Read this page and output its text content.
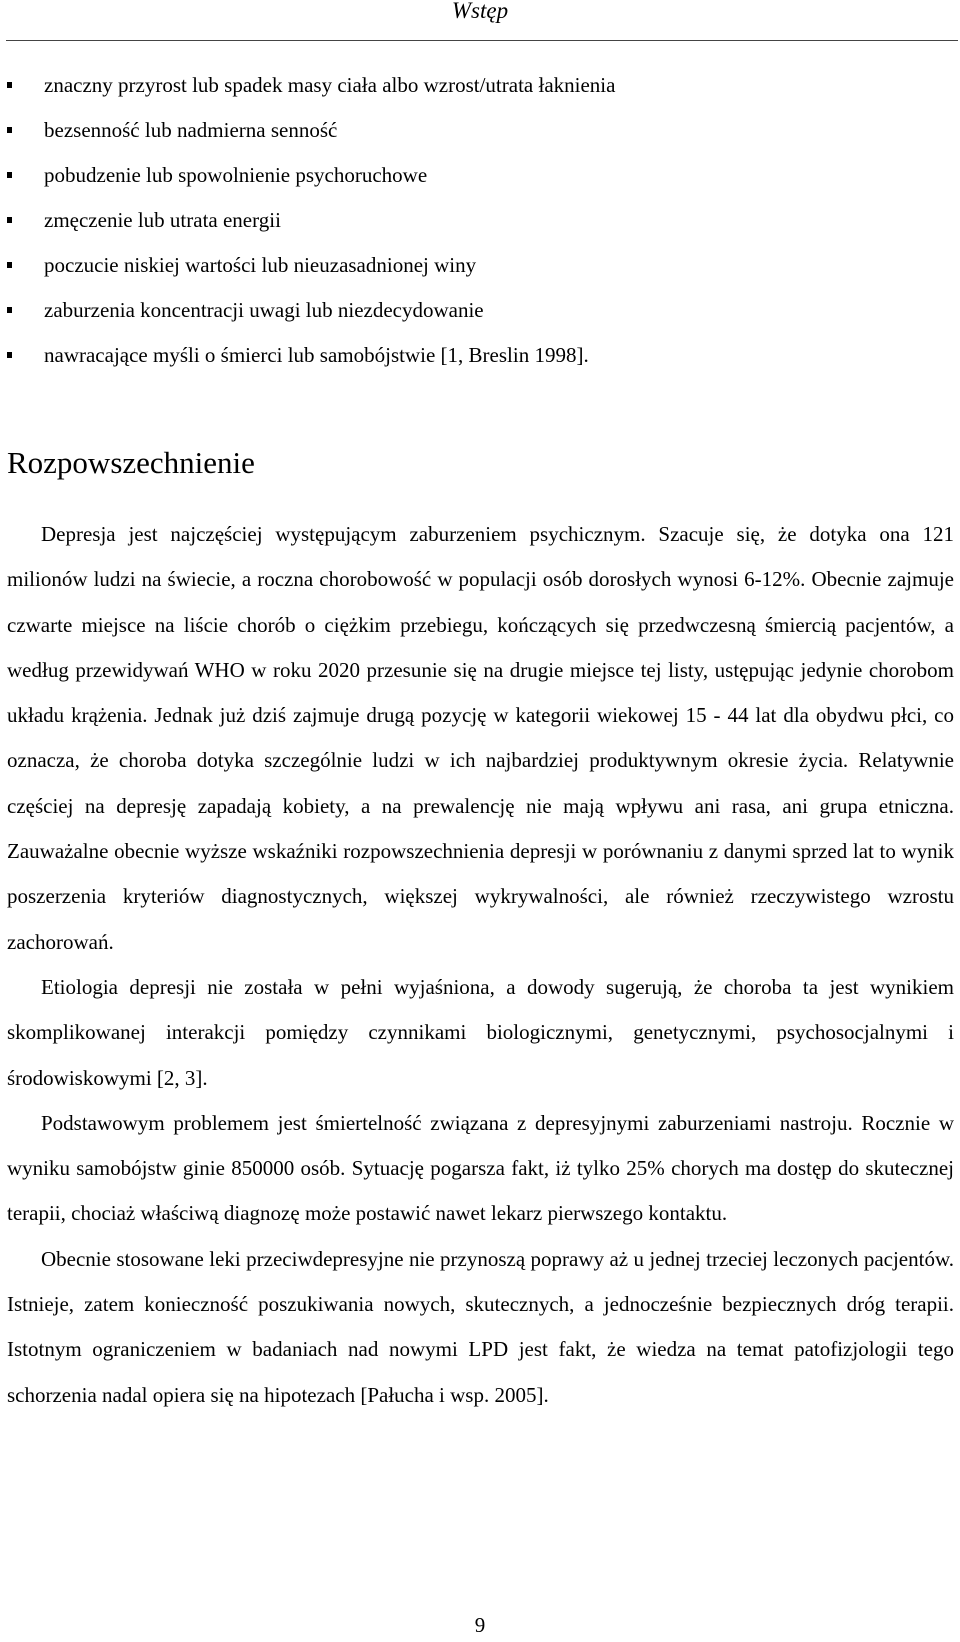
Wstęp
znaczny przyrost lub spadek masy ciała albo wzrost/utrata łaknienia
bezsenność lub nadmierna senność
pobudzenie lub spowolnienie psychoruchowe
zmęczenie lub utrata energii
poczucie niskiej wartości lub nieuzasadnionej winy
zaburzenia koncentracji uwagi lub niezdecydowanie
nawracające myśli o śmierci lub samobójstwie [1, Breslin 1998].
Rozpowszechnienie

Depresja jest najczęściej występującym zaburzeniem psychicznym. Szacuje się, że dotyka ona 121 milionów ludzi na świecie, a roczna chorobowość w populacji osób dorosłych wynosi 6-12%. Obecnie zajmuje czwarte miejsce na liście chorób o ciężkim przebiegu, kończących się przedwczesną śmiercią pacjentów, a według przewidywań WHO w roku 2020 przesunie się na drugie miejsce tej listy, ustępując jedynie chorobom układu krążenia. Jednak już dziś zajmuje drugą pozycję w kategorii wiekowej 15 - 44 lat dla obydwu płci, co oznacza, że choroba dotyka szczególnie ludzi w ich najbardziej produktywnym okresie życia. Relatywnie częściej na depresję zapadają kobiety, a na prewalencję nie mają wpływu ani rasa, ani grupa etniczna. Zauważalne obecnie wyższe wskaźniki rozpowszechnienia depresji w porównaniu z danymi sprzed lat to wynik poszerzenia kryteriów diagnostycznych, większej wykrywalności, ale również rzeczywistego wzrostu zachorowań.

Etiologia depresji nie została w pełni wyjaśniona, a dowody sugerują, że choroba ta jest wynikiem skomplikowanej interakcji pomiędzy czynnikami biologicznymi, genetycznymi, psychosocjalnymi i środowiskowymi [2, 3].

Podstawowym problemem jest śmiertelność związana z depresyjnymi zaburzeniami nastroju. Rocznie w wyniku samobójstw ginie 850000 osób. Sytuację pogarsza fakt, iż tylko 25% chorych ma dostęp do skutecznej terapii, chociaż właściwą diagnozę może postawić nawet lekarz pierwszego kontaktu.

Obecnie stosowane leki przeciwdepresyjne nie przynoszą poprawy aż u jednej trzeciej leczonych pacjentów. Istnieje, zatem konieczność poszukiwania nowych, skutecznych, a jednocześnie bezpiecznych dróg terapii. Istotnym ograniczeniem w badaniach nad nowymi LPD jest fakt, że wiedza na temat patofizjologii tego schorzenia nadal opiera się na hipotezach [Pałucha i wsp. 2005].

9
